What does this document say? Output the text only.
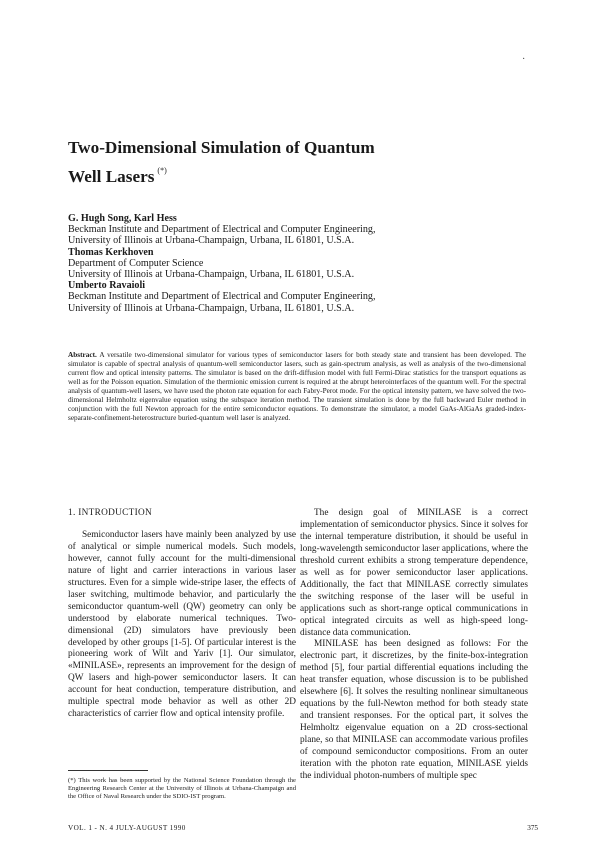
·
Two-Dimensional Simulation of Quantum
Well Lasers (*)
G. Hugh Song, Karl Hess
Beckman Institute and Department of Electrical and Computer Engineering,
University of Illinois at Urbana-Champaign, Urbana, IL 61801, U.S.A.
Thomas Kerkhoven
Department of Computer Science
University of Illinois at Urbana-Champaign, Urbana, IL 61801, U.S.A.
Umberto Ravaioli
Beckman Institute and Department of Electrical and Computer Engineering,
University of Illinois at Urbana-Champaign, Urbana, IL 61801, U.S.A.
Abstract. A versatile two-dimensional simulator for various types of semiconductor lasers for both steady state and transient has been developed. The simulator is capable of spectral analysis of quantum-well semiconductor lasers, such as gain-spectrum analysis, as well as analysis of the two-dimensional current flow and optical intensity patterns. The simulator is based on the drift-diffusion model with full Fermi-Dirac statistics for the transport equations as well as for the Poisson equation. Simulation of the thermionic emission current is required at the abrupt heterointerfaces of the quantum well. For the spectral analysis of quantum-well lasers, we have used the photon rate equation for each Fabry-Perot mode. For the optical intensity pattern, we have solved the two-dimensional Helmholtz eigenvalue equation using the subspace iteration method. The transient simulation is done by the full backward Euler method in conjunction with the full Newton approach for the entire semiconductor equations. To demonstrate the simulator, a model GaAs-AlGaAs graded-index-separate-confinement-heterostructure buried-quantum well laser is analyzed.

1. INTRODUCTION

Semiconductor lasers have mainly been analyzed by use of analytical or simple numerical models. Such models, however, cannot fully account for the multi-dimensional nature of light and carrier interactions in various laser structures. Even for a simple wide-stripe laser, the effects of laser switching, multimode behavior, and particularly the semiconductor quantum-well (QW) geometry can only be understood by elaborate numerical techniques. Two-dimensional (2D) simulators have previously been developed by other groups [1-5]. Of particular interest is the pioneering work of Wilt and Yariv [1]. Our simulator, «MINILASE», represents an improvement for the design of QW lasers and high-power semiconductor lasers. It can account for heat conduction, temperature distribution, and multiple spectral mode behavior as well as other 2D characteristics of carrier flow and optical intensity profile.

The design goal of MINILASE is a correct implementation of semiconductor physics. Since it solves for the internal temperature distribution, it should be useful in long-wavelength semiconductor laser applications, where the threshold current exhibits a strong temperature dependence, as well as for power semiconductor laser applications. Additionally, the fact that MINILASE correctly simulates the switching response of the laser will be useful in applications such as short-range optical communications in optical integrated circuits as well as high-speed long-distance data communication.

MINILASE has been designed as follows: For the electronic part, it discretizes, by the finite-box-integration method [5], four partial differential equations including the heat transfer equation, whose discussion is to be published elsewhere [6]. It solves the resulting nonlinear simultaneous equations by the full-Newton method for both steady state and transient responses. For the optical part, it solves the Helmholtz eigenvalue equation on a 2D cross-sectional plane, so that MINILASE can accommodate various profiles of compound semiconductor compositions. From an outer iteration with the photon rate equation, MINILASE yields the individual photon-numbers of multiple spec

(*) This work has been supported by the National Science Foundation through the Engineering Research Center at the University of Illinois at Urbana-Champaign and the Office of Naval Research under the SDIO-IST program.
VOL. 1 - N. 4 JULY-AUGUST 1990	375
